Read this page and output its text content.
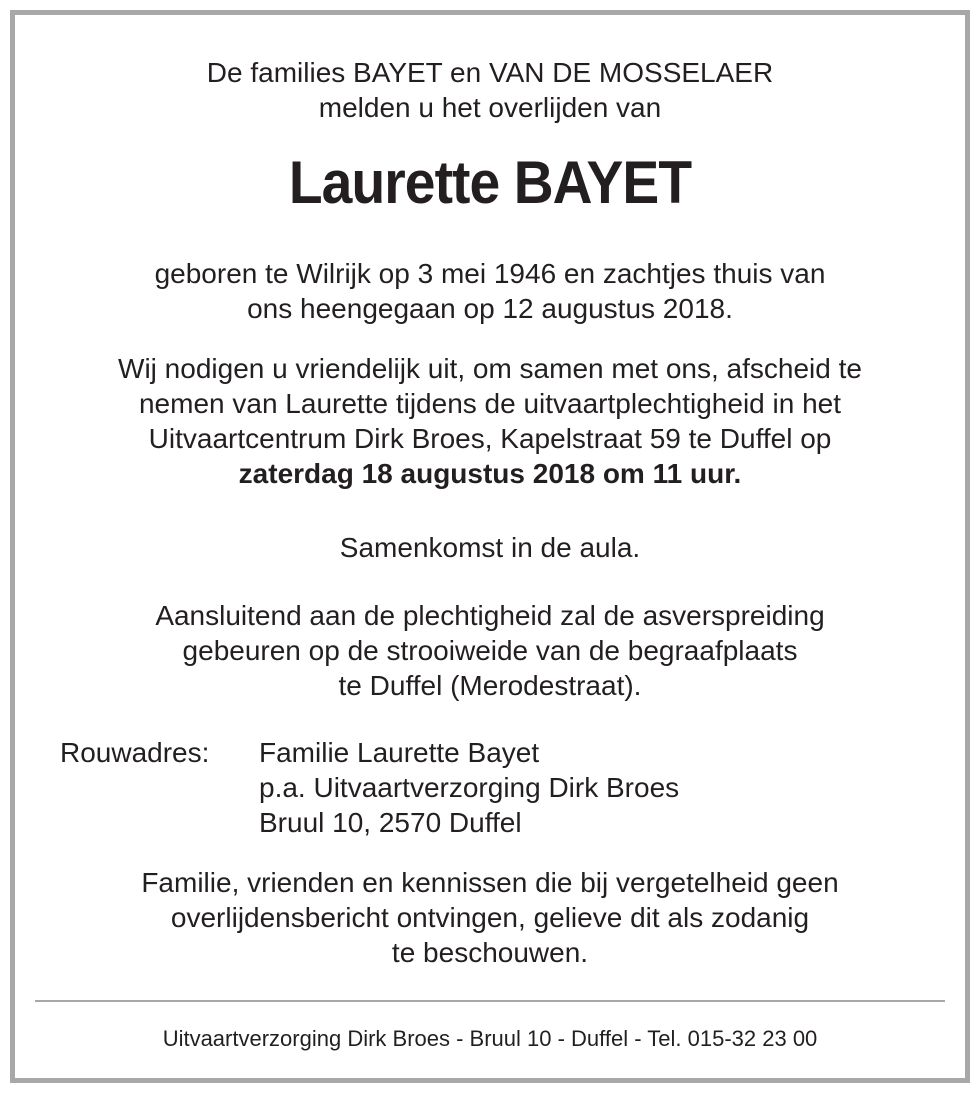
De families BAYET en VAN DE MOSSELAER
melden u het overlijden van
Laurette BAYET
geboren te Wilrijk op 3 mei 1946 en zachtjes thuis van
ons heengegaan op 12 augustus 2018.
Wij nodigen u vriendelijk uit, om samen met ons, afscheid te
nemen van Laurette tijdens de uitvaartplechtigheid in het
Uitvaartcentrum Dirk Broes, Kapelstraat 59 te Duffel op
zaterdag 18 augustus 2018 om 11 uur.
Samenkomst in de aula.
Aansluitend aan de plechtigheid zal de asverspreiding
gebeuren op de strooiweide van de begraafplaats
te Duffel (Merodestraat).
Rouwadres: Familie Laurette Bayet
p.a. Uitvaartverzorging Dirk Broes
Bruul 10, 2570 Duffel
Familie, vrienden en kennissen die bij vergetelheid geen
overlijdensbericht ontvingen, gelieve dit als zodanig
te beschouwen.
Uitvaartverzorging Dirk Broes - Bruul 10 - Duffel - Tel. 015-32 23 00
